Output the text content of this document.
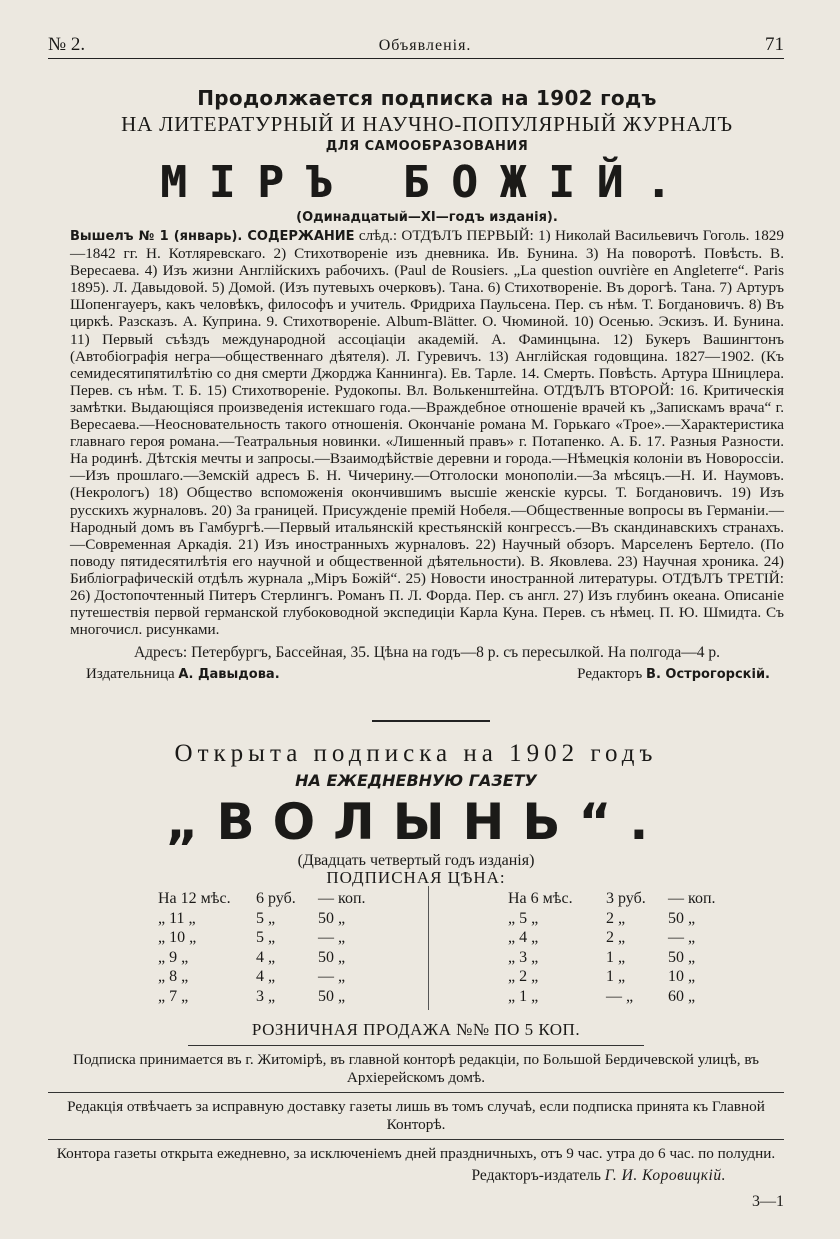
№ 2.	Объявленія.	71
Продолжается подписка на 1902 годъ
НА ЛИТЕРАТУРНЫЙ И НАУЧНО-ПОПУЛЯРНЫЙ ЖУРНАЛЪ
ДЛЯ САМООБРАЗОВАНИЯ
МІРЪ БОЖІЙ.
(Одинадцатый—XI—годъ изданія).
Вышелъ № 1 (январь). СОДЕРЖАНИЕ слѣд.: ОТДѢЛЪ ПЕРВЫЙ: 1) Николай Васильевичъ Гоголь. 1829—1842 гг. Н. Котляревскаго. 2) Стихотвореніе изъ дневника. Ив. Бунина. 3) На поворотѣ. Повѣсть. В. Вересаева. 4) Изъ жизни Англійскихъ рабочихъ. (Paul de Rousiers. „La question ouvrière en Angleterre“. Paris 1895). Л. Давыдовой. 5) Домой. (Изъ путевыхъ очерковъ). Тана. 6) Стихотвореніе. Въ дорогѣ. Тана. 7) Артуръ Шопенгауеръ, какъ человѣкъ, философъ и учитель. Фридриха Паульсена. Пер. съ нѣм. Т. Богдановичъ. 8) Въ циркѣ. Разсказъ. А. Куприна. 9. Стихотвореніе. Album-Blätter. О. Чюминой. 10) Осенью. Эскизъ. И. Бунина. 11) Первый съѣздъ международной ассоціаціи академій. А. Фаминцына. 12) Букеръ Вашингтонъ (Автобіографія негра—общественнаго дѣятеля). Л. Гуревичъ. 13) Англійская годовщина. 1827—1902. (Къ семидесятипятилѣтію со дня смерти Джорджа Каннинга). Ев. Тарле. 14. Смерть. Повѣсть. Артура Шницлера. Перев. съ нѣм. Т. Б. 15) Стихотвореніе. Рудокопы. Вл. Волькенштейна. ОТДѢЛЪ ВТОРОЙ: 16. Критическія замѣтки. Выдающіяся произведенія истекшаго года.—Враждебное отношеніе врачей къ „Запискамъ врача“ г. Вересаева.—Неосновательность такого отношенія. Окончаніе романа М. Горькаго «Трое».—Характеристика главнаго героя романа.—Театральныя новинки. «Лишенный правъ» г. Потапенко. А. Б. 17. Разныя Разности. На родинѣ. Дѣтскія мечты и запросы.—Взаимодѣйствіе деревни и города.—Нѣмецкія колоніи въ Новороссіи.—Изъ прошлаго.—Земскій адресъ Б. Н. Чичерину.—Отголоски монополіи.—За мѣсяцъ.—Н. И. Наумовъ. (Некрологъ) 18) Общество вспоможенія окончившимъ высшіе женскіе курсы. Т. Богдановичъ. 19) Изъ русскихъ журналовъ. 20) За границей. Присужденіе премій Нобеля.—Общественные вопросы въ Германіи.—Народный домъ въ Гамбургѣ.—Первый итальянскій крестьянскій конгрессъ.—Въ скандинавскихъ странахъ.—Современная Аркадія. 21) Изъ иностранныхъ журналовъ. 22) Научный обзоръ. Марселенъ Бертело. (По поводу пятидесятилѣтія его научной и общественной дѣятельности). В. Яковлева. 23) Научная хроника. 24) Библіографическій отдѣлъ журнала „Міръ Божій“. 25) Новости иностранной литературы. ОТДѢЛЪ ТРЕТІЙ: 26) Достопочтенный Питеръ Стерлингъ. Романъ П. Л. Форда. Пер. съ англ. 27) Изъ глубинъ океана. Описаніе путешествія первой германской глубоководной экспедиціи Карла Куна. Перев. съ нѣмец. П. Ю. Шмидта. Съ многочисл. рисунками.
Адресъ: Петербургъ, Бассейная, 35. Цѣна на годъ—8 р. съ пересылкой. На полгода—4 р.
Издательница А. Давыдова.	Редакторъ В. Острогорскій.
Открыта подписка на 1902 годъ
НА ЕЖЕДНЕВНУЮ ГАЗЕТУ
„ВОЛЫНЬ“.
(Двадцать четвертый годъ изданія)
ПОДПИСНАЯ ЦѢНА:
На 12 мѣс.	6 руб.	— коп.
„ 11 „	5 „	50 „
„ 10 „	5 „	— „
„ 9 „	4 „	50 „
„ 8 „	4 „	— „
„ 7 „	3 „	50 „
На 6 мѣс.	3 руб.	— коп.
„ 5 „	2 „	50 „
„ 4 „	2 „	— „
„ 3 „	1 „	50 „
„ 2 „	1 „	10 „
„ 1 „	— „	60 „
РОЗНИЧНАЯ ПРОДАЖА №№ ПО 5 КОП.
Подписка принимается въ г. Житомірѣ, въ главной конторѣ редакціи, по Большой Бердичевской улицѣ, въ Архіерейскомъ домѣ.
Редакція отвѣчаетъ за исправную доставку газеты лишь въ томъ случаѣ, если подписка принята къ Главной Конторѣ.
Контора газеты открыта ежедневно, за исключеніемъ дней праздничныхъ, отъ 9 час. утра до 6 час. по полудни.
Редакторъ-издатель Г. И. Коровицкій.
3—1
